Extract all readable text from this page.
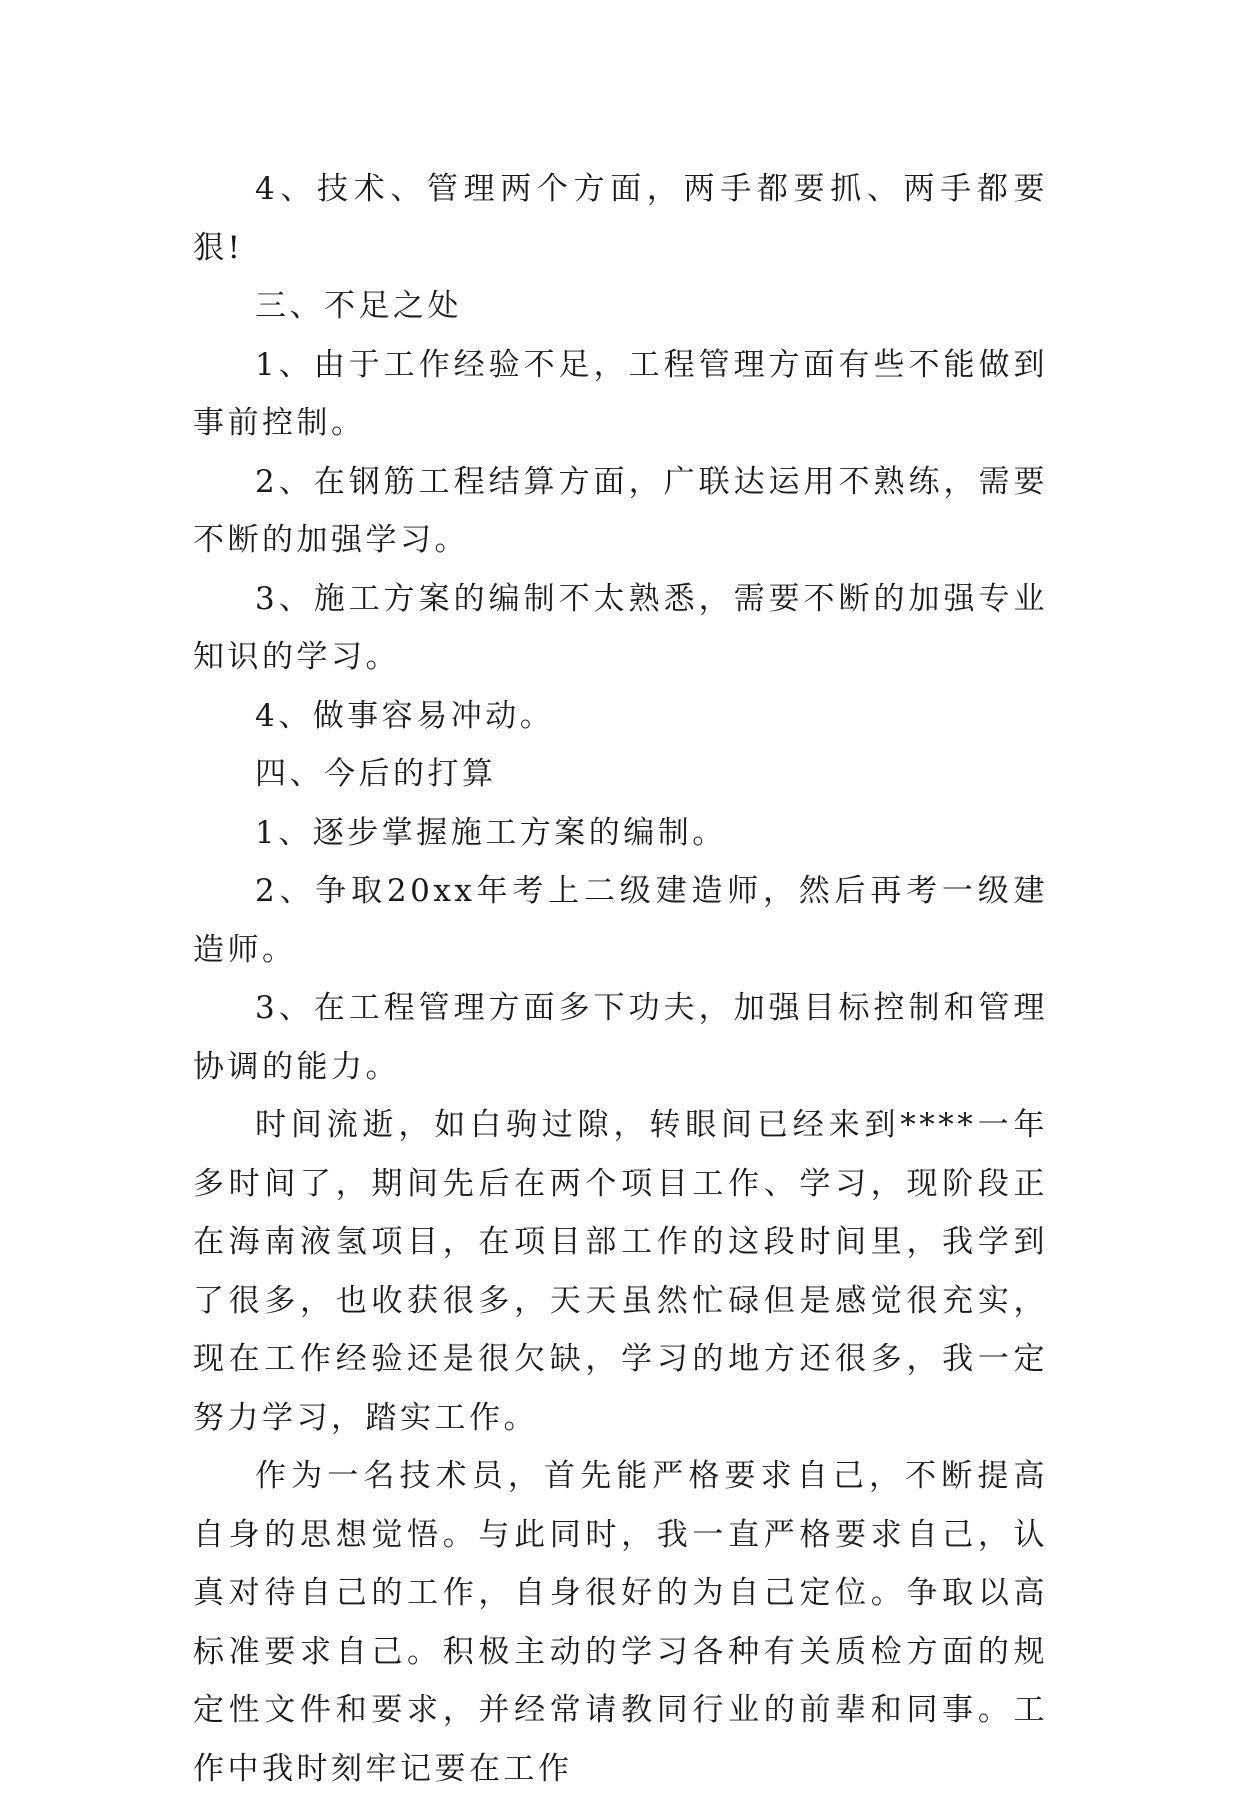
4、技术、管理两个方面，两手都要抓、两手都要狠!

三、不足之处

1、由于工作经验不足，工程管理方面有些不能做到事前控制。

2、在钢筋工程结算方面，广联达运用不熟练，需要不断的加强学习。

3、施工方案的编制不太熟悉，需要不断的加强专业知识的学习。

4、做事容易冲动。

四、今后的打算

1、逐步掌握施工方案的编制。

2、争取20xx年考上二级建造师，然后再考一级建造师。

3、在工程管理方面多下功夫，加强目标控制和管理协调的能力。

时间流逝，如白驹过隙，转眼间已经来到****一年多时间了，期间先后在两个项目工作、学习，现阶段正在海南液氢项目，在项目部工作的这段时间里，我学到了很多，也收获很多，天天虽然忙碌但是感觉很充实，现在工作经验还是很欠缺，学习的地方还很多，我一定努力学习，踏实工作。

作为一名技术员，首先能严格要求自己，不断提高自身的思想觉悟。与此同时，我一直严格要求自己，认真对待自己的工作，自身很好的为自己定位。争取以高标准要求自己。积极主动的学习各种有关质检方面的规定性文件和要求，并经常请教同行业的前辈和同事。工作中我时刻牢记要在工作
